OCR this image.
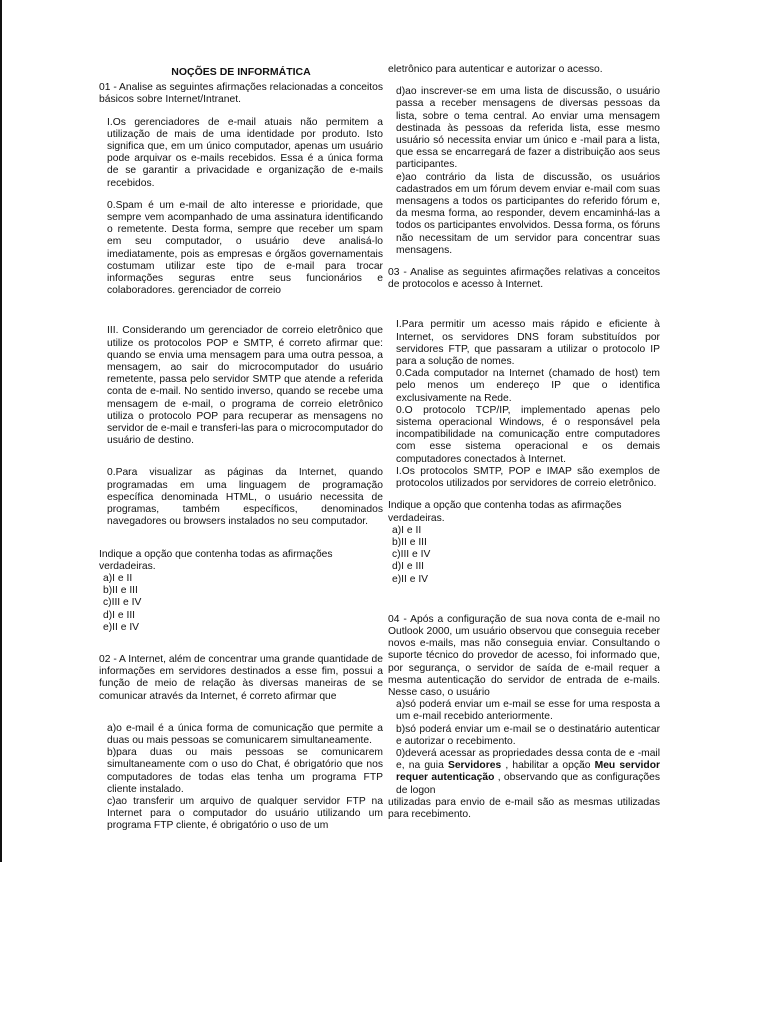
NOÇÕES DE INFORMÁTICA

01 - Analise as seguintes afirmações relacionadas a conceitos básicos sobre Internet/Intranet.

I.Os gerenciadores de e-mail atuais não permitem a utilização de mais de uma identidade por produto. Isto significa que, em um único computador, apenas um usuário pode arquivar os e-mails recebidos. Essa é a única forma de se garantir a privacidade e organização de e-mails recebidos.

0.Spam é um e-mail de alto interesse e prioridade, que sempre vem acompanhado de uma assinatura identificando o remetente. Desta forma, sempre que receber um spam em seu computador, o usuário deve analisá-lo imediatamente, pois as empresas e órgãos governamentais costumam utilizar este tipo de e-mail para trocar informações seguras entre seus funcionários e colaboradores. gerenciador de correio

III. Considerando um gerenciador de correio eletrônico que utilize os protocolos POP e SMTP, é correto afirmar que: quando se envia uma mensagem para uma outra pessoa, a mensagem, ao sair do microcomputador do usuário remetente, passa pelo servidor SMTP que atende a referida conta de e-mail. No sentido inverso, quando se recebe uma mensagem de e-mail, o programa de correio eletrônico utiliza o protocolo POP para recuperar as mensagens no servidor de e-mail e transferi-las para o microcomputador do usuário de destino.

0.Para visualizar as páginas da Internet, quando programadas em uma linguagem de programação específica denominada HTML, o usuário necessita de programas, também específicos, denominados navegadores ou browsers instalados no seu computador.

Indique a opção que contenha todas as afirmações verdadeiras.

a)I e II

b)II e III

c)III e IV

d)I e III

e)II e IV

02 - A Internet, além de concentrar uma grande quantidade de informações em servidores destinados a esse fim, possui a função de meio de relação às diversas maneiras de se comunicar através da Internet, é correto afirmar que

a)o e-mail é a única forma de comunicação que permite a duas ou mais pessoas se comunicarem simultaneamente.

b)para duas ou mais pessoas se comunicarem simultaneamente com o uso do Chat, é obrigatório que nos computadores de todas elas tenha um programa FTP cliente instalado.

c)ao transferir um arquivo de qualquer servidor FTP na Internet para o computador do usuário utilizando um programa FTP cliente, é obrigatório o uso de um

eletrônico para autenticar e autorizar o acesso.

d)ao inscrever-se em uma lista de discussão, o usuário passa a receber mensagens de diversas pessoas da lista, sobre o tema central. Ao enviar uma mensagem destinada às pessoas da referida lista, esse mesmo usuário só necessita enviar um único e -mail para a lista, que essa se encarregará de fazer a distribuição aos seus participantes.

e)ao contrário da lista de discussão, os usuários cadastrados em um fórum devem enviar e-mail com suas mensagens a todos os participantes do referido fórum e, da mesma forma, ao responder, devem encaminhá-las a todos os participantes envolvidos. Dessa forma, os fóruns não necessitam de um servidor para concentrar suas mensagens.

03 - Analise as seguintes afirmações relativas a conceitos de protocolos e acesso à Internet.

I.Para permitir um acesso mais rápido e eficiente à Internet, os servidores DNS foram substituídos por servidores FTP, que passaram a utilizar o protocolo IP para a solução de nomes.

0.Cada computador na Internet (chamado de host) tem pelo menos um endereço IP que o identifica exclusivamente na Rede.

0.O protocolo TCP/IP, implementado apenas pelo sistema operacional Windows, é o responsável pela incompatibilidade na comunicação entre computadores com esse sistema operacional e os demais computadores conectados à Internet.

I.Os protocolos SMTP, POP e IMAP são exemplos de protocolos utilizados por servidores de correio eletrônico.

Indique a opção que contenha todas as afirmações verdadeiras.

a)I e II

b)II e III

c)III e IV

d)I e III

e)II e IV

04 - Após a configuração de sua nova conta de e-mail no Outlook 2000, um usuário observou que conseguia receber novos e-mails, mas não conseguia enviar. Consultando o suporte técnico do provedor de acesso, foi informado que, por segurança, o servidor de saída de e-mail requer a mesma autenticação do servidor de entrada de e-mails. Nesse caso, o usuário

a)só poderá enviar um e-mail se esse for uma resposta a um e-mail recebido anteriormente.

b)só poderá enviar um e-mail se o destinatário autenticar e autorizar o recebimento.

0)deverá acessar as propriedades dessa conta de e -mail e, na guia Servidores , habilitar a opção Meu servidor requer autenticação , observando que as configurações de logon

utilizadas para envio de e-mail são as mesmas utilizadas para recebimento.
